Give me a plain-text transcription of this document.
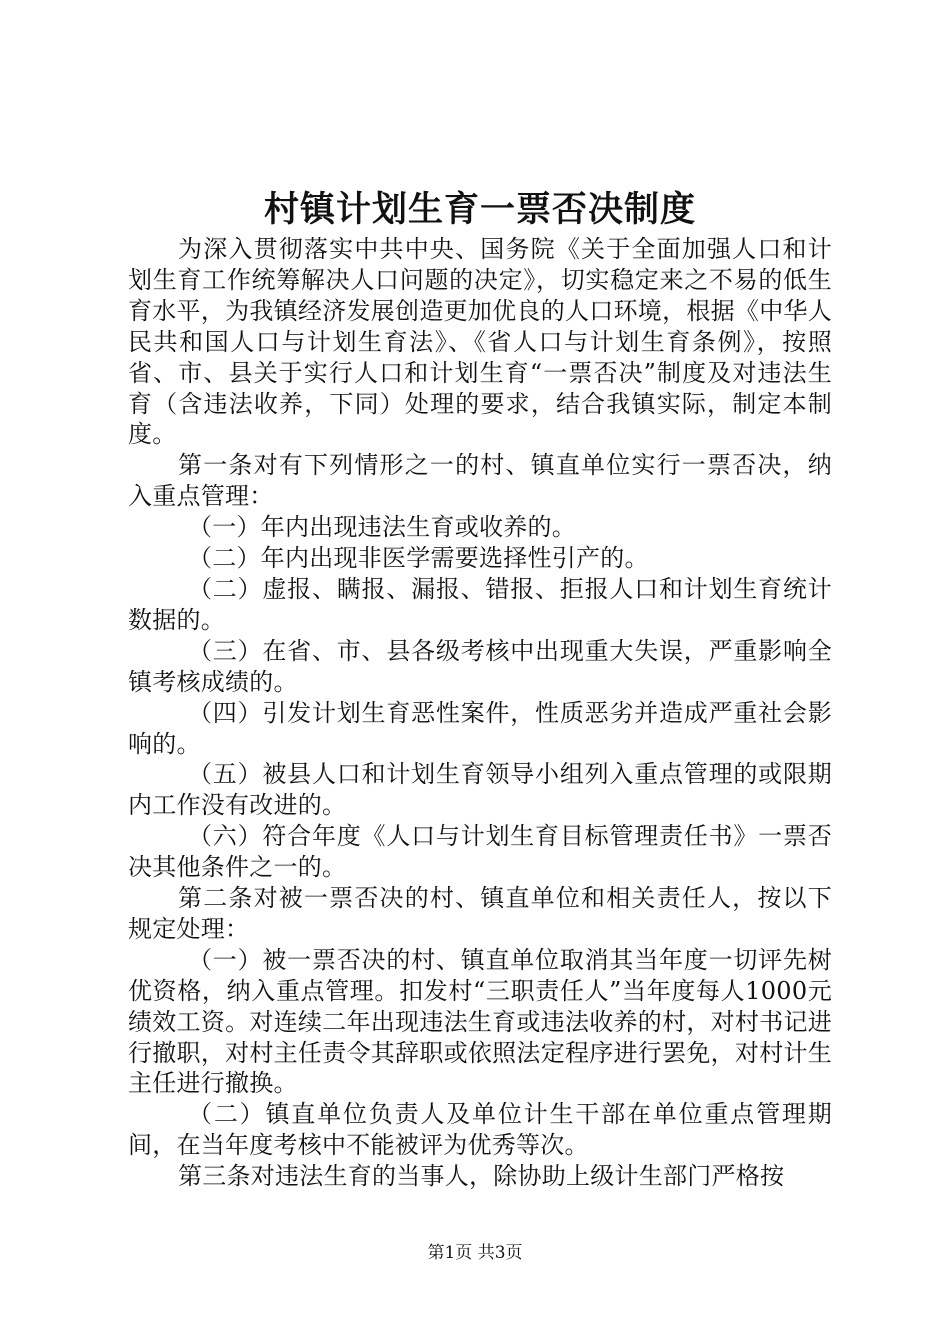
村镇计划生育一票否决制度

为深入贯彻落实中共中央、国务院《关于全面加强人口和计划生育工作统筹解决人口问题的决定》，切实稳定来之不易的低生育水平，为我镇经济发展创造更加优良的人口环境，根据《中华人民共和国人口与计划生育法》、《省人口与计划生育条例》，按照省、市、县关于实行人口和计划生育“一票否决”制度及对违法生育（含违法收养，下同）处理的要求，结合我镇实际，制定本制度。

第一条对有下列情形之一的村、镇直单位实行一票否决，纳入重点管理：

（一）年内出现违法生育或收养的。

（二）年内出现非医学需要选择性引产的。

（二）虚报、瞒报、漏报、错报、拒报人口和计划生育统计数据的。

（三）在省、市、县各级考核中出现重大失误，严重影响全镇考核成绩的。

（四）引发计划生育恶性案件，性质恶劣并造成严重社会影响的。

（五）被县人口和计划生育领导小组列入重点管理的或限期内工作没有改进的。

（六）符合年度《人口与计划生育目标管理责任书》一票否决其他条件之一的。

第二条对被一票否决的村、镇直单位和相关责任人，按以下规定处理：

（一）被一票否决的村、镇直单位取消其当年度一切评先树优资格，纳入重点管理。扣发村“三职责任人”当年度每人1000元绩效工资。对连续二年出现违法生育或违法收养的村，对村书记进行撤职，对村主任责令其辞职或依照法定程序进行罢免，对村计生主任进行撤换。

（二）镇直单位负责人及单位计生干部在单位重点管理期间，在当年度考核中不能被评为优秀等次。

第三条对违法生育的当事人，除协助上级计生部门严格按

第1页 共3页
